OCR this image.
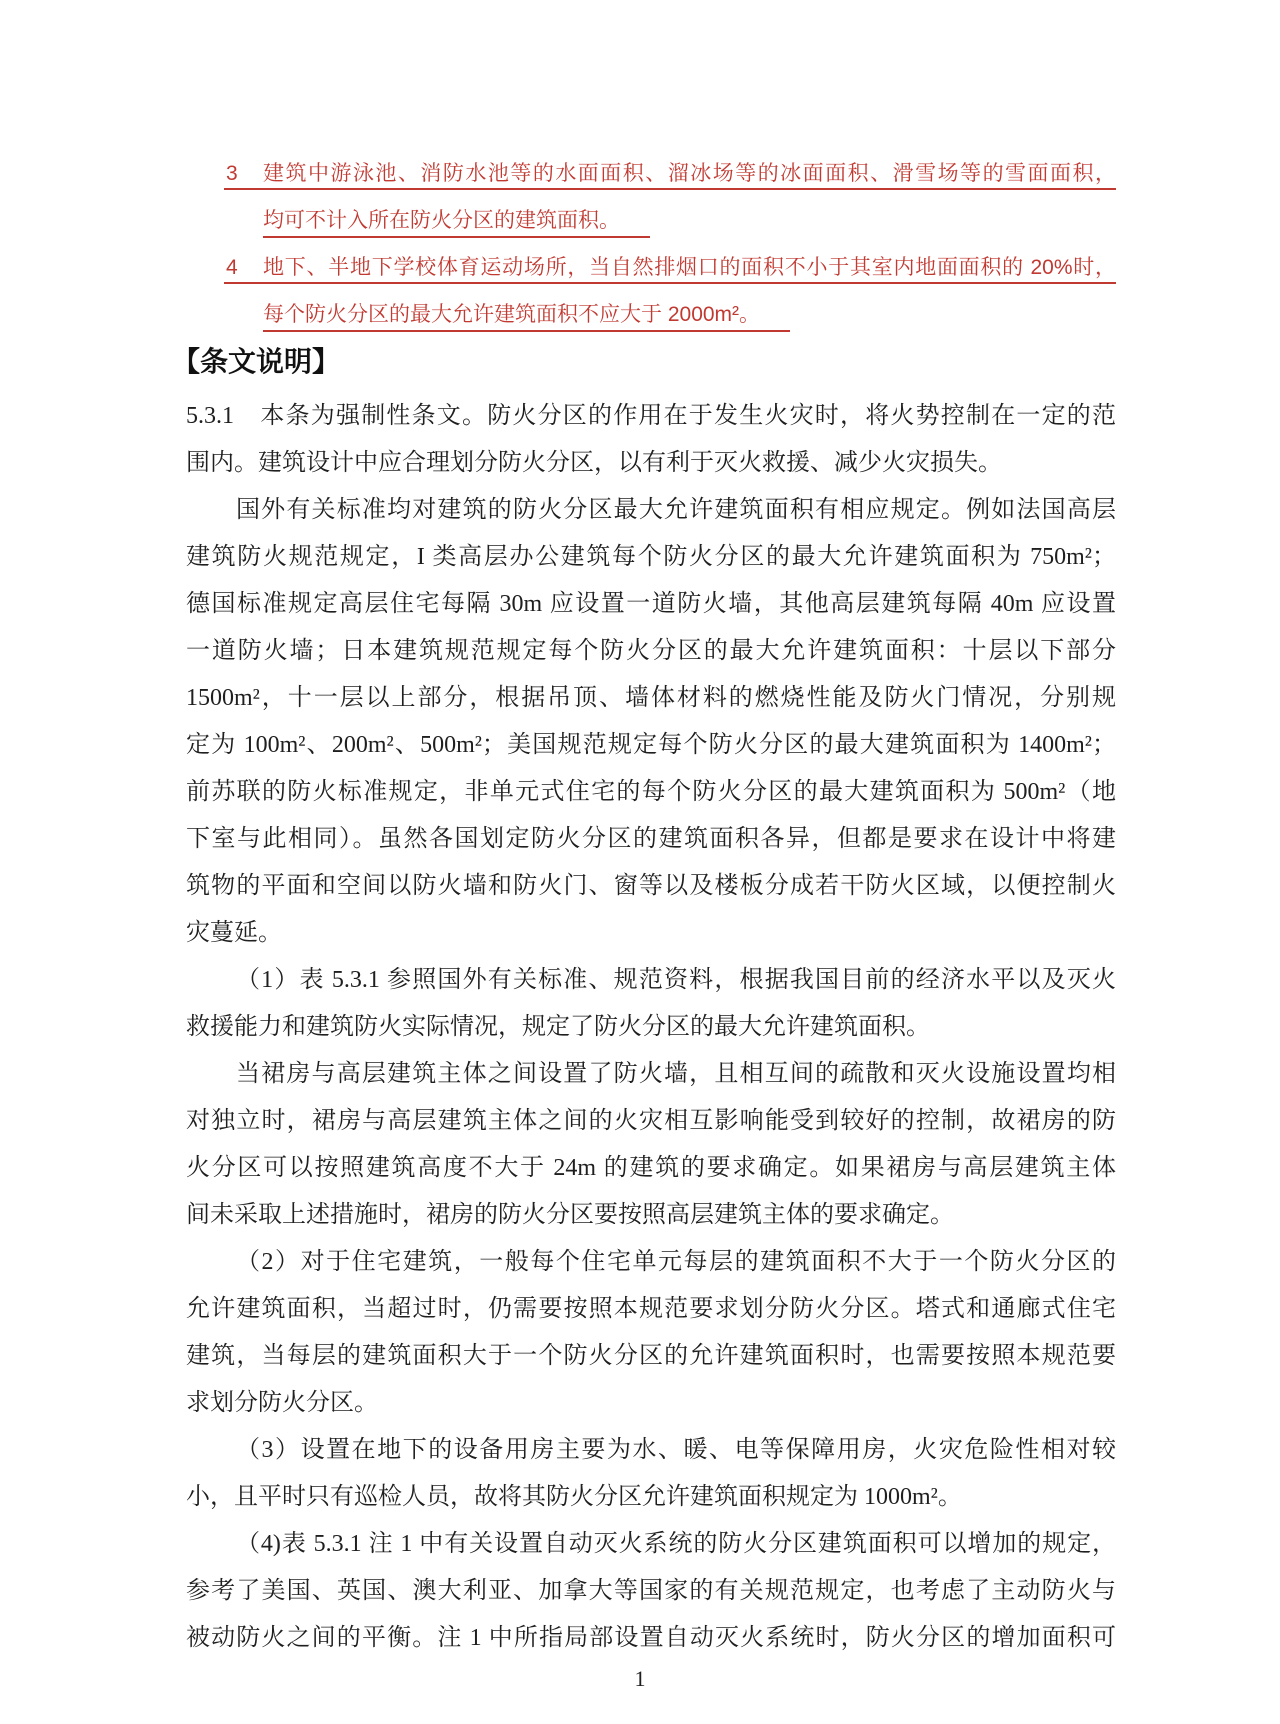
3 建筑中游泳池、消防水池等的水面面积、溜冰场等的冰面面积、滑雪场等的雪面面积，
均可不计入所在防火分区的建筑面积。
4 地下、半地下学校体育运动场所，当自然排烟口的面积不小于其室内地面面积的 20%时，
每个防火分区的最大允许建筑面积不应大于 2000m²。
【条文说明】
5.3.1　本条为强制性条文。防火分区的作用在于发生火灾时，将火势控制在一定的范
围内。建筑设计中应合理划分防火分区，以有利于灭火救援、减少火灾损失。
国外有关标准均对建筑的防火分区最大允许建筑面积有相应规定。例如法国高层
建筑防火规范规定，I 类高层办公建筑每个防火分区的最大允许建筑面积为 750m²；
德国标准规定高层住宅每隔 30m 应设置一道防火墙，其他高层建筑每隔 40m 应设置
一道防火墙；日本建筑规范规定每个防火分区的最大允许建筑面积：十层以下部分
1500m²，十一层以上部分，根据吊顶、墙体材料的燃烧性能及防火门情况，分别规
定为 100m²、200m²、500m²；美国规范规定每个防火分区的最大建筑面积为 1400m²；
前苏联的防火标准规定，非单元式住宅的每个防火分区的最大建筑面积为 500m²（地
下室与此相同）。虽然各国划定防火分区的建筑面积各异，但都是要求在设计中将建
筑物的平面和空间以防火墙和防火门、窗等以及楼板分成若干防火区域，以便控制火
灾蔓延。
（1）表 5.3.1 参照国外有关标准、规范资料，根据我国目前的经济水平以及灭火
救援能力和建筑防火实际情况，规定了防火分区的最大允许建筑面积。
当裙房与高层建筑主体之间设置了防火墙，且相互间的疏散和灭火设施设置均相
对独立时，裙房与高层建筑主体之间的火灾相互影响能受到较好的控制，故裙房的防
火分区可以按照建筑高度不大于 24m 的建筑的要求确定。如果裙房与高层建筑主体
间未采取上述措施时，裙房的防火分区要按照高层建筑主体的要求确定。
（2）对于住宅建筑，一般每个住宅单元每层的建筑面积不大于一个防火分区的
允许建筑面积，当超过时，仍需要按照本规范要求划分防火分区。塔式和通廊式住宅
建筑，当每层的建筑面积大于一个防火分区的允许建筑面积时，也需要按照本规范要
求划分防火分区。
（3）设置在地下的设备用房主要为水、暖、电等保障用房，火灾危险性相对较
小，且平时只有巡检人员，故将其防火分区允许建筑面积规定为 1000m²。
（4)表 5.3.1 注 1 中有关设置自动灭火系统的防火分区建筑面积可以增加的规定，
参考了美国、英国、澳大利亚、加拿大等国家的有关规范规定，也考虑了主动防火与
被动防火之间的平衡。注 1 中所指局部设置自动灭火系统时，防火分区的增加面积可
1
